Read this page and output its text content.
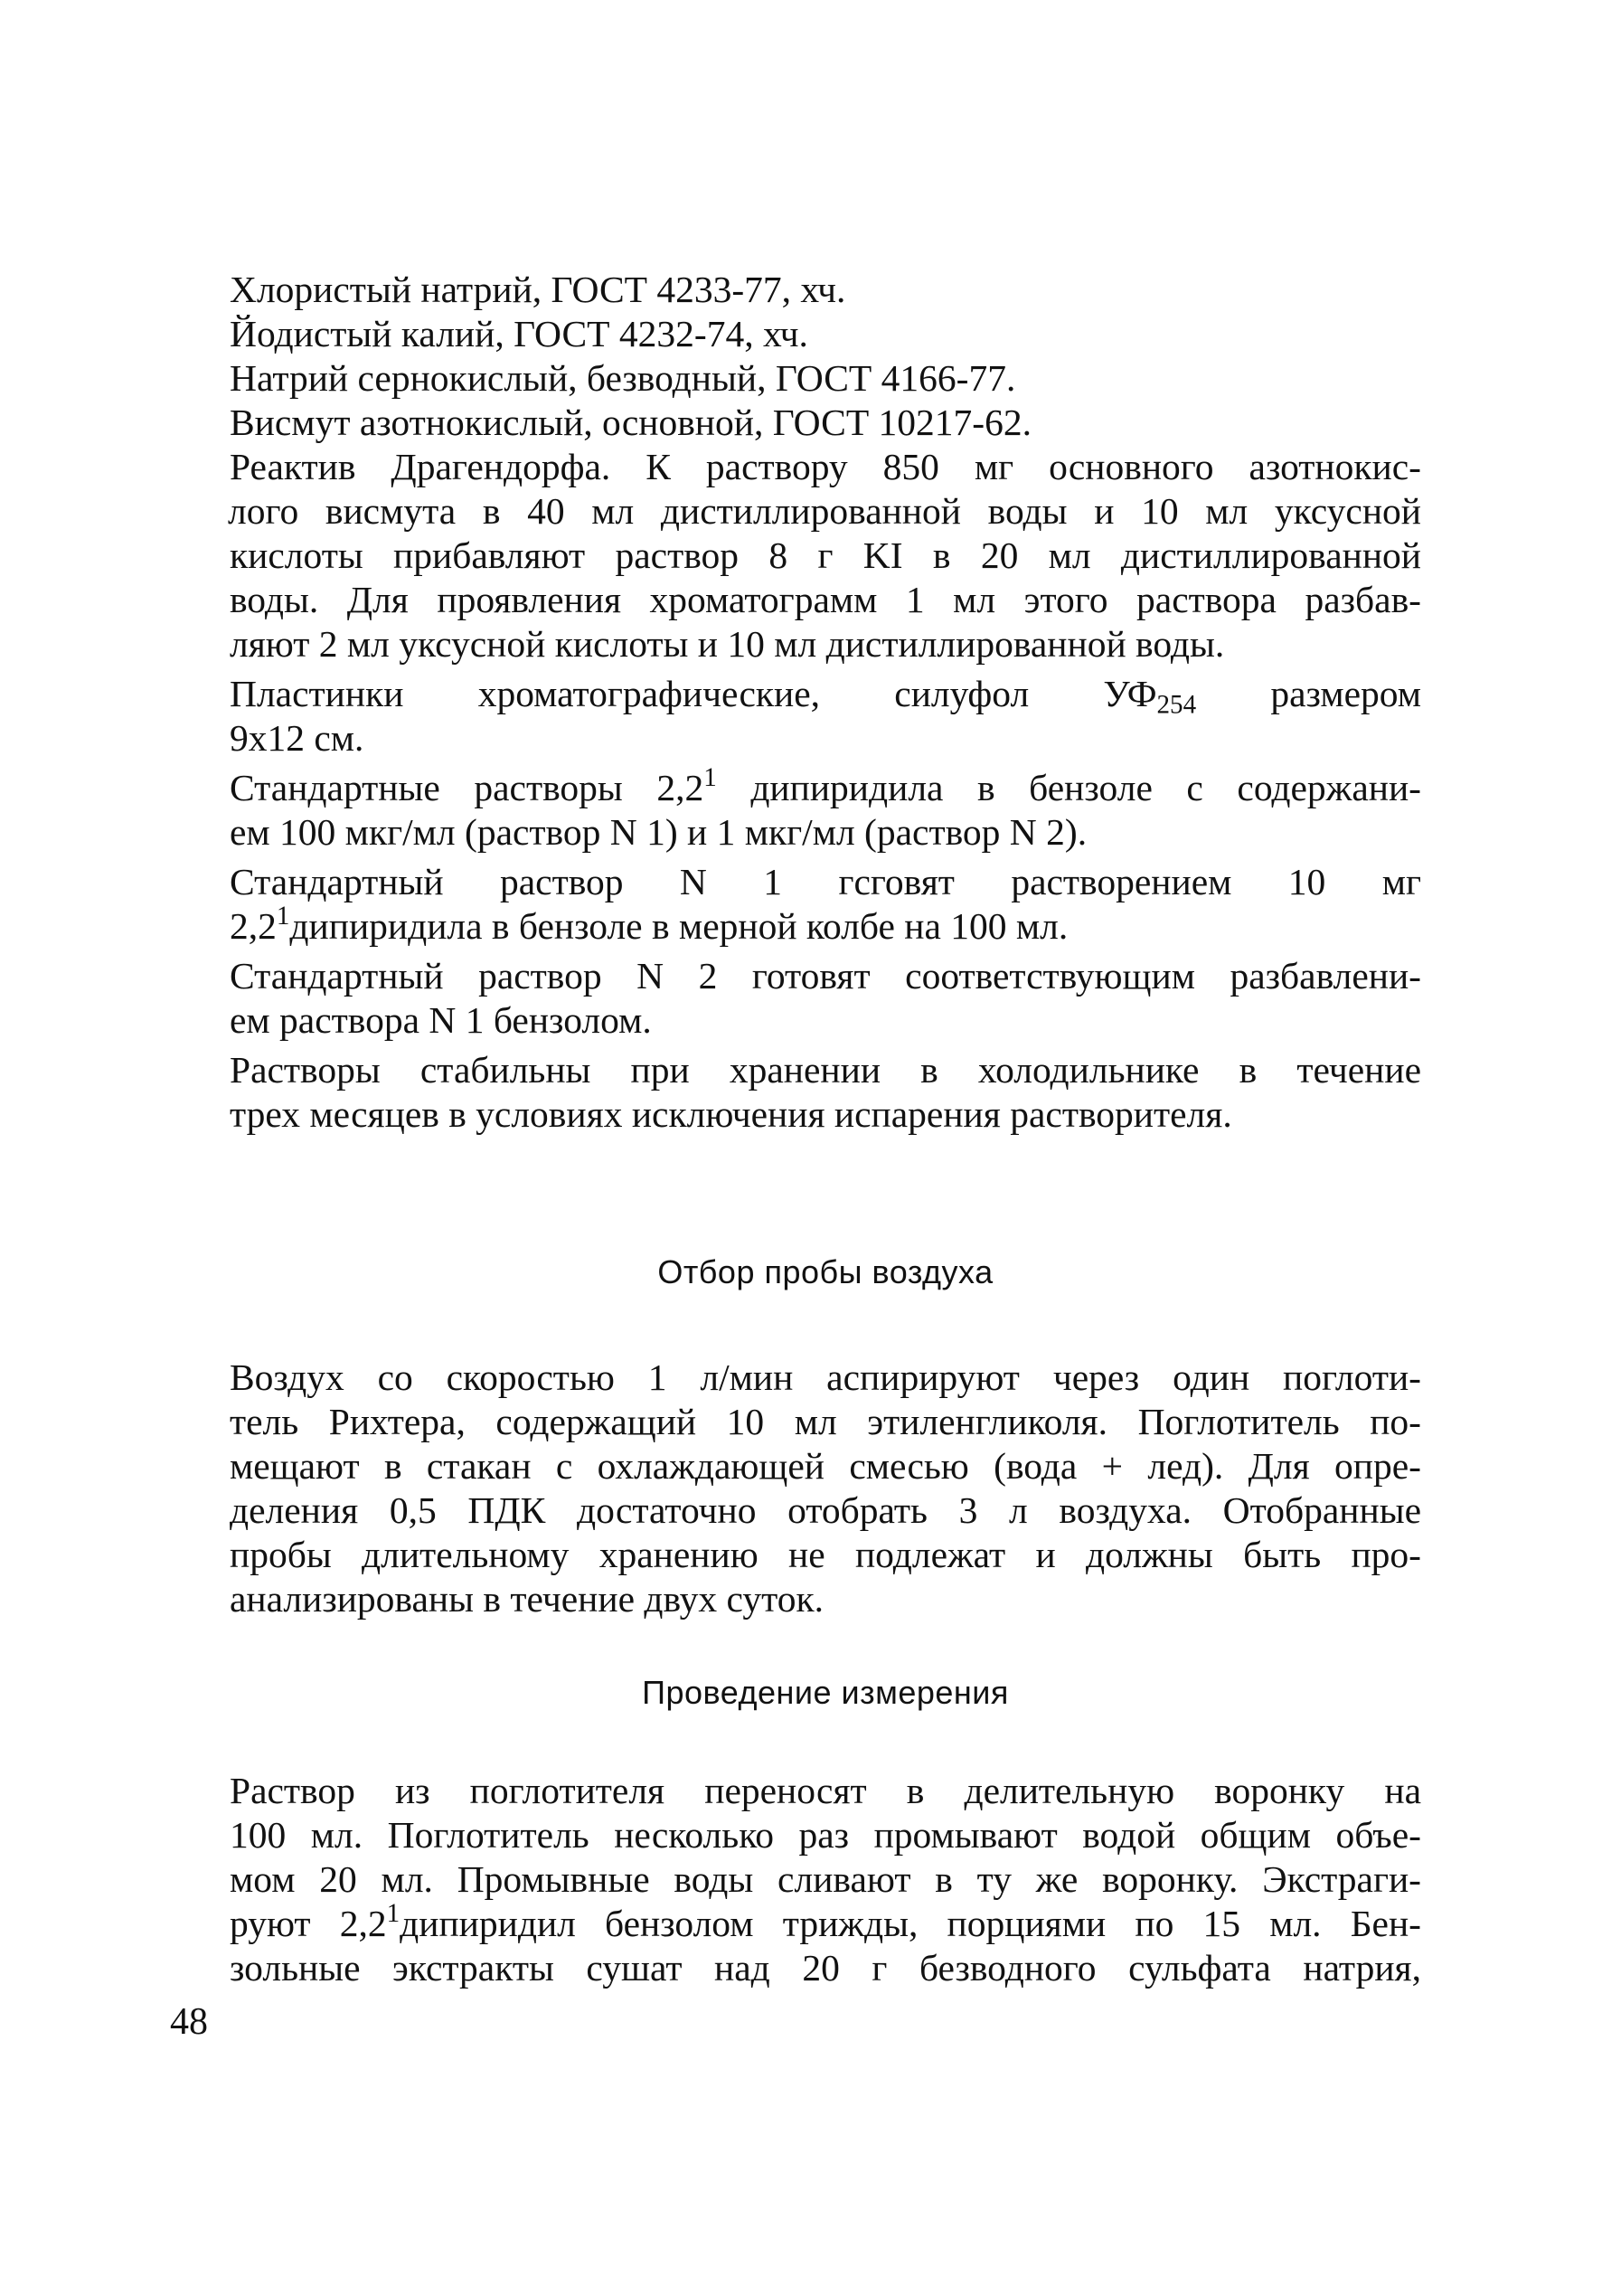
Хлористый натрий, ГОСТ 4233-77, хч.
Йодистый калий, ГОСТ 4232-74, хч.
Натрий сернокислый, безводный, ГОСТ 4166-77.
Висмут азотнокислый, основной, ГОСТ 10217-62.
Реактив Драгендорфа. К раствору 850 мг основного азотнокис-
лого висмута в 40 мл дистиллированной воды и 10 мл уксусной
кислоты прибавляют раствор 8 г KI в 20 мл дистиллированной
воды. Для проявления хроматограмм 1 мл этого раствора разбав-
ляют 2 мл уксусной кислоты и 10 мл дистиллированной воды.
Пластинки хроматографические, силуфол $УФ_{254}$ размером
9x12 см.
Стандартные растворы $2,2^1$ дипиридила в бензоле с содержани-
ем 100 мкг/мл (раствор N 1) и 1 мкг/мл (раствор N 2).
Стандартный раствор N 1 гсговят растворением 10 мг
$2,2^1дипиридила$ в бензоле в мерной колбе на 100 мл.
Стандартный раствор N 2 готовят соответствующим разбавлени-
ем раствора N 1 бензолом.
Растворы стабильны при хранении в холодильнике в течение
трех месяцев в условиях исключения испарения растворителя.
Отбор пробы воздуха
Воздух со скоростью 1 л/мин аспирируют через один поглоти-
тель Рихтера, содержащий 10 мл этиленгликоля. Поглотитель по-
мещают в стакан с охлаждающей смесью (вода + лед). Для опре-
деления 0,5 ПДК достаточно отобрать 3 л воздуха. Отобранные
пробы длительному хранению не подлежат и должны быть про-
анализированы в течение двух суток.
Проведение измерения
Раствор из поглотителя переносят в делительную воронку на
100 мл. Поглотитель несколько раз промывают водой общим объе-
мом 20 мл. Промывные воды сливают в ту же воронку. Экстраги-
руют $2,2^1дипиридил$ бензолом трижды, порциями по 15 мл. Бен-
зольные экстракты сушат над 20 г безводного сульфата натрия,
48
